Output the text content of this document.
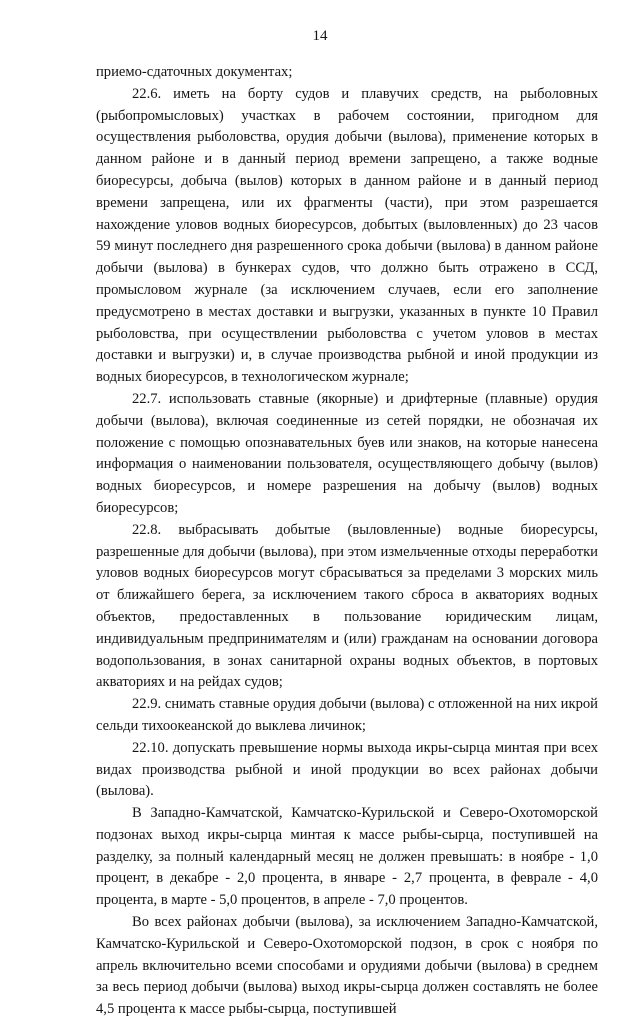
14

приемо-сдаточных документах;

22.6. иметь на борту судов и плавучих средств, на рыболовных (рыбопромысловых) участках в рабочем состоянии, пригодном для осуществления рыболовства, орудия добычи (вылова), применение которых в данном районе и в данный период времени запрещено, а также водные биоресурсы, добыча (вылов) которых в данном районе и в данный период времени запрещена, или их фрагменты (части), при этом разрешается нахождение уловов водных биоресурсов, добытых (выловленных) до 23 часов 59 минут последнего дня разрешенного срока добычи (вылова) в данном районе добычи (вылова) в бункерах судов, что должно быть отражено в ССД, промысловом журнале (за исключением случаев, если его заполнение предусмотрено в местах доставки и выгрузки, указанных в пункте 10 Правил рыболовства, при осуществлении рыболовства с учетом уловов в местах доставки и выгрузки) и, в случае производства рыбной и иной продукции из водных биоресурсов, в технологическом журнале;

22.7. использовать ставные (якорные) и дрифтерные (плавные) орудия добычи (вылова), включая соединенные из сетей порядки, не обозначая их положение с помощью опознавательных буев или знаков, на которые нанесена информация о наименовании пользователя, осуществляющего добычу (вылов) водных биоресурсов, и номере разрешения на добычу (вылов) водных биоресурсов;

22.8. выбрасывать добытые (выловленные) водные биоресурсы, разрешенные для добычи (вылова), при этом измельченные отходы переработки уловов водных биоресурсов могут сбрасываться за пределами 3 морских миль от ближайшего берега, за исключением такого сброса в акваториях водных объектов, предоставленных в пользование юридическим лицам, индивидуальным предпринимателям и (или) гражданам на основании договора водопользования, в зонах санитарной охраны водных объектов, в портовых акваториях и на рейдах судов;

22.9. снимать ставные орудия добычи (вылова) с отложенной на них икрой сельди тихоокеанской до выклева личинок;

22.10. допускать превышение нормы выхода икры-сырца минтая при всех видах производства рыбной и иной продукции во всех районах добычи (вылова).

В Западно-Камчатской, Камчатско-Курильской и Северо-Охотоморской подзонах выход икры-сырца минтая к массе рыбы-сырца, поступившей на разделку, за полный календарный месяц не должен превышать: в ноябре - 1,0 процент, в декабре - 2,0 процента, в январе - 2,7 процента, в феврале - 4,0 процента, в марте - 5,0 процентов, в апреле - 7,0 процентов.

Во всех районах добычи (вылова), за исключением Западно-Камчатской, Камчатско-Курильской и Северо-Охотоморской подзон, в срок с ноября по апрель включительно всеми способами и орудиями добычи (вылова) в среднем за весь период добычи (вылова) выход икры-сырца должен составлять не более 4,5 процента к массе рыбы-сырца, поступившей
